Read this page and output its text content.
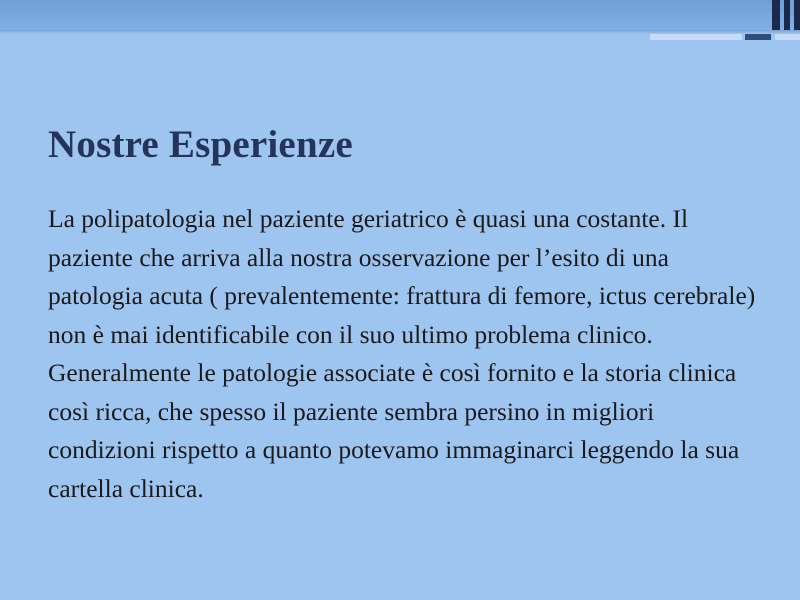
Nostre Esperienze

La polipatologia nel paziente geriatrico è quasi una costante. Il paziente che arriva alla nostra osservazione per l’esito di una patologia acuta ( prevalentemente: frattura di femore, ictus cerebrale) non è mai identificabile con il suo ultimo problema clinico.

Generalmente le patologie associate è così fornito e la storia clinica così ricca, che spesso il paziente sembra persino in migliori condizioni rispetto a quanto potevamo immaginarci leggendo la sua cartella clinica.
